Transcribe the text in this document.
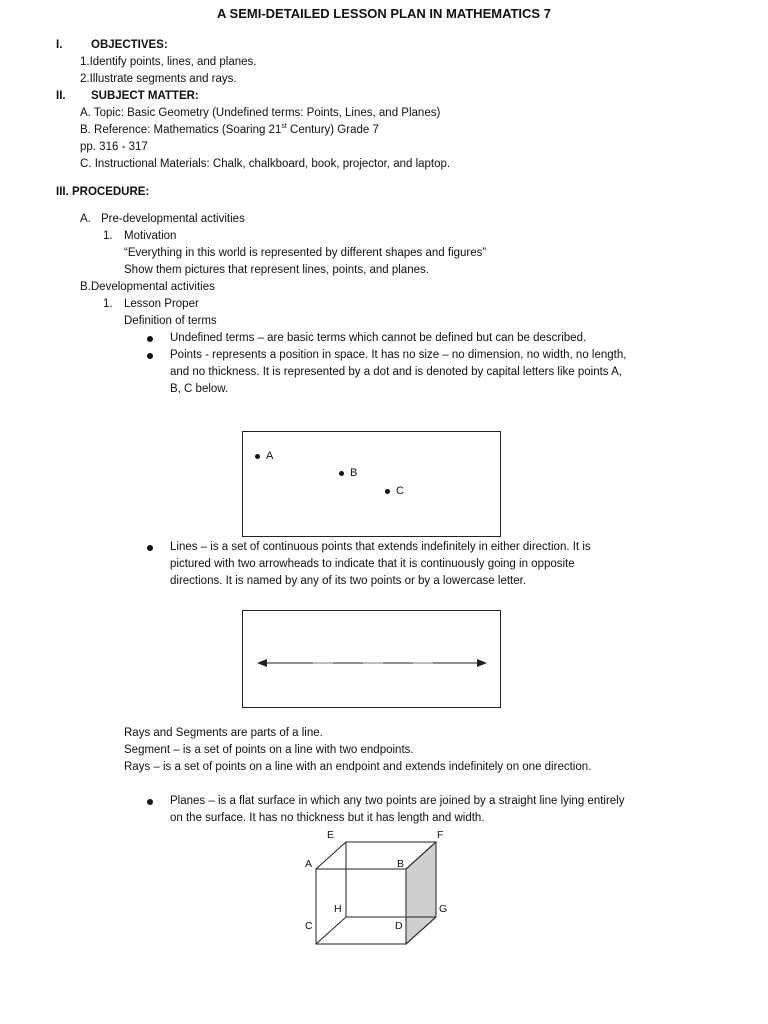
A SEMI-DETAILED LESSON PLAN IN MATHEMATICS 7
I. OBJECTIVES:
1.Identify points, lines, and planes.
2.Illustrate segments and rays.
II. SUBJECT MATTER:
A. Topic: Basic Geometry (Undefined terms: Points, Lines, and Planes)
B. Reference: Mathematics (Soaring 21st Century) Grade 7
pp. 316 - 317
C. Instructional Materials: Chalk, chalkboard, book, projector, and laptop.
III. PROCEDURE:
A. Pre-developmental activities
1. Motivation
“Everything in this world is represented by different shapes and figures”
Show them pictures that represent lines, points, and planes.
B.Developmental activities
1. Lesson Proper
Definition of terms
Undefined terms – are basic terms which cannot be defined but can be described.
Points - represents a position in space. It has no size – no dimension, no width, no length,
and no thickness. It is represented by a dot and is denoted by capital letters like points A,
B, C below.
A
B
C
Lines – is a set of continuous points that extends indefinitely in either direction. It is
pictured with two arrowheads to indicate that it is continuously going in opposite
directions. It is named by any of its two points or by a lowercase letter.
Rays and Segments are parts of a line.
Segment – is a set of points on a line with two endpoints.
Rays – is a set of points on a line with an endpoint and extends indefinitely on one direction.
Planes – is a flat surface in which any two points are joined by a straight line lying entirely
on the surface. It has no thickness but it has length and width.
E	F
A	B
H	G
C	D
